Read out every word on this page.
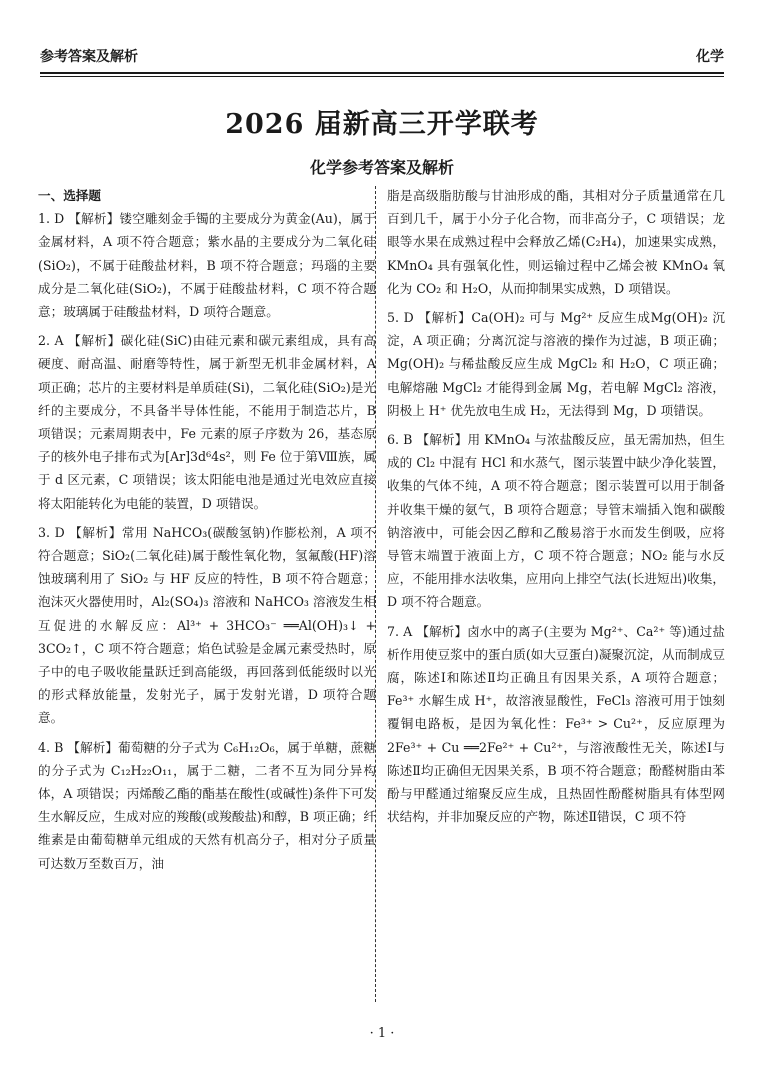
参考答案及解析	化学
2026 届新高三开学联考
化学参考答案及解析
一、选择题

1. D 【解析】镂空雕刻金手镯的主要成分为黄金(Au)，属于金属材料，A 项不符合题意；紫水晶的主要成分为二氧化硅(SiO₂)，不属于硅酸盐材料，B 项不符合题意；玛瑙的主要成分是二氧化硅(SiO₂)，不属于硅酸盐材料，C 项不符合题意；玻璃属于硅酸盐材料，D 项符合题意。

2. A 【解析】碳化硅(SiC)由硅元素和碳元素组成，具有高硬度、耐高温、耐磨等特性，属于新型无机非金属材料，A 项正确；芯片的主要材料是单质硅(Si)，二氧化硅(SiO₂)是光纤的主要成分，不具备半导体性能，不能用于制造芯片，B 项错误；元素周期表中，Fe 元素的原子序数为 26，基态原子的核外电子排布式为[Ar]3d⁶4s²，则 Fe 位于第Ⅷ族，属于 d 区元素，C 项错误；该太阳能电池是通过光电效应直接将太阳能转化为电能的装置，D 项错误。

3. D 【解析】常用 NaHCO₃(碳酸氢钠)作膨松剂，A 项不符合题意；SiO₂(二氧化硅)属于酸性氧化物，氢氟酸(HF)溶蚀玻璃利用了 SiO₂ 与 HF 反应的特性，B 项不符合题意；泡沫灭火器使用时，Al₂(SO₄)₃ 溶液和 NaHCO₃ 溶液发生相互促进的水解反应：Al³⁺ + 3HCO₃⁻ ══Al(OH)₃↓ + 3CO₂↑，C 项不符合题意；焰色试验是金属元素受热时，原子中的电子吸收能量跃迁到高能级，再回落到低能级时以光的形式释放能量，发射光子，属于发射光谱，D 项符合题意。

4. B 【解析】葡萄糖的分子式为 C₆H₁₂O₆，属于单糖，蔗糖的分子式为 C₁₂H₂₂O₁₁，属于二糖，二者不互为同分异构体，A 项错误；丙烯酸乙酯的酯基在酸性(或碱性)条件下可发生水解反应，生成对应的羧酸(或羧酸盐)和醇，B 项正确；纤维素是由葡萄糖单元组成的天然有机高分子，相对分子质量可达数万至数百万，油

脂是高级脂肪酸与甘油形成的酯，其相对分子质量通常在几百到几千，属于小分子化合物，而非高分子，C 项错误；龙眼等水果在成熟过程中会释放乙烯(C₂H₄)，加速果实成熟，KMnO₄ 具有强氧化性，则运输过程中乙烯会被 KMnO₄ 氧化为 CO₂ 和 H₂O，从而抑制果实成熟，D 项错误。

5. D 【解析】Ca(OH)₂ 可与 Mg²⁺ 反应生成Mg(OH)₂ 沉淀，A 项正确；分离沉淀与溶液的操作为过滤，B 项正确；Mg(OH)₂ 与稀盐酸反应生成 MgCl₂ 和 H₂O，C 项正确；电解熔融 MgCl₂ 才能得到金属 Mg，若电解 MgCl₂ 溶液，阴极上 H⁺ 优先放电生成 H₂，无法得到 Mg，D 项错误。

6. B 【解析】用 KMnO₄ 与浓盐酸反应，虽无需加热，但生成的 Cl₂ 中混有 HCl 和水蒸气，图示装置中缺少净化装置，收集的气体不纯，A 项不符合题意；图示装置可以用于制备并收集干燥的氨气，B 项符合题意；导管末端插入饱和碳酸钠溶液中，可能会因乙醇和乙酸易溶于水而发生倒吸，应将导管末端置于液面上方，C 项不符合题意；NO₂ 能与水反应，不能用排水法收集，应用向上排空气法(长进短出)收集，D 项不符合题意。

7. A 【解析】卤水中的离子(主要为 Mg²⁺、Ca²⁺ 等)通过盐析作用使豆浆中的蛋白质(如大豆蛋白)凝聚沉淀，从而制成豆腐，陈述Ⅰ和陈述Ⅱ均正确且有因果关系，A 项符合题意；Fe³⁺ 水解生成 H⁺，故溶液显酸性，FeCl₃ 溶液可用于蚀刻覆铜电路板，是因为氧化性：Fe³⁺ > Cu²⁺，反应原理为 2Fe³⁺ + Cu ══2Fe²⁺ + Cu²⁺，与溶液酸性无关，陈述Ⅰ与陈述Ⅱ均正确但无因果关系，B 项不符合题意；酚醛树脂由苯酚与甲醛通过缩聚反应生成，且热固性酚醛树脂具有体型网状结构，并非加聚反应的产物，陈述Ⅱ错误，C 项不符

· 1 ·
